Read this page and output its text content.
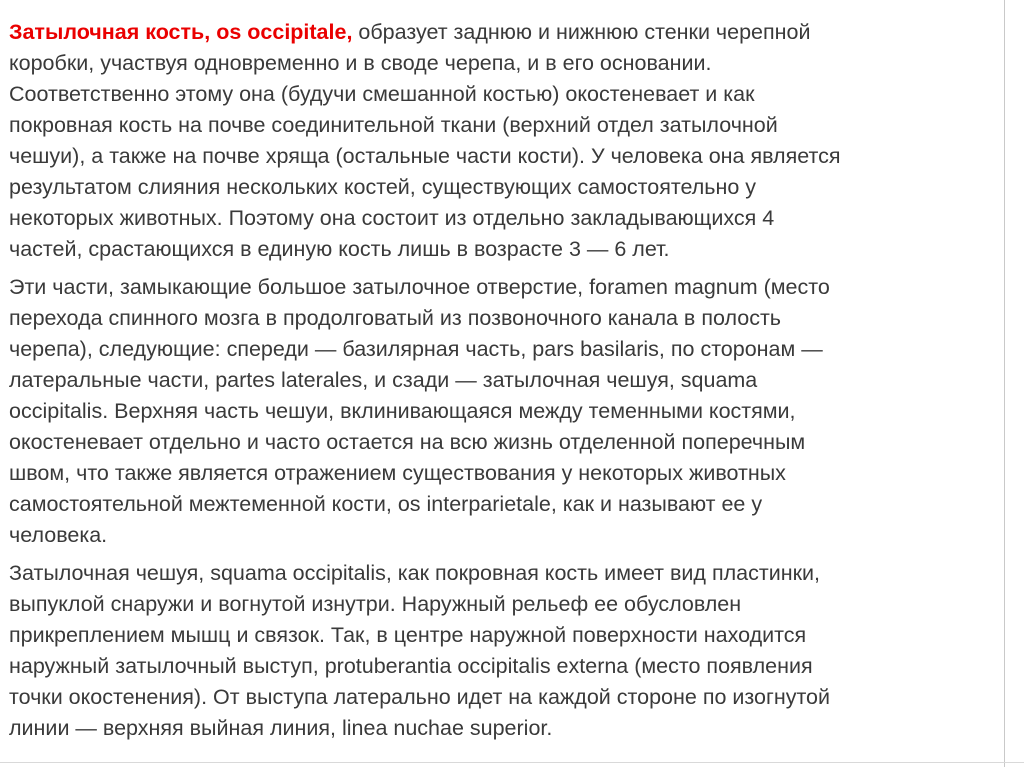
Затылочная кость, os occipitale, образует заднюю и нижнюю стенки черепной
коробки, участвуя одновременно и в своде черепа, и в его основании.
Соответственно этому она (будучи смешанной костью) окостеневает и как
покровная кость на почве соединительной ткани (верхний отдел затылочной
чешуи), а также на почве хряща (остальные части кости). У человека она является
результатом слияния нескольких костей, существующих самостоятельно у
некоторых животных. Поэтому она состоит из отдельно закладывающихся 4
частей, срастающихся в единую кость лишь в возрасте 3 — 6 лет.

Эти части, замыкающие большое затылочное отверстие, foramen magnum (место
перехода спинного мозга в продолговатый из позвоночного канала в полость
черепа), следующие: спереди — базилярная часть, pars basilaris, по сторонам —
латеральные части, partes laterales, и сзади — затылочная чешуя, squama
occipitalis. Верхняя часть чешуи, вклинивающаяся между теменными костями,
окостеневает отдельно и часто остается на всю жизнь отделенной поперечным
швом, что также является отражением существования у некоторых животных
самостоятельной межтеменной кости, os interparietale, как и называют ее у
человека.

Затылочная чешуя, squama occipitalis, как покровная кость имеет вид пластинки,
выпуклой снаружи и вогнутой изнутри. Наружный рельеф ее обусловлен
прикреплением мышц и связок. Так, в центре наружной поверхности находится
наружный затылочный выступ, protuberantia occipitalis externa (место появления
точки окостенения). От выступа латерально идет на каждой стороне по изогнутой
линии — верхняя выйная линия, linea nuchae superior.
